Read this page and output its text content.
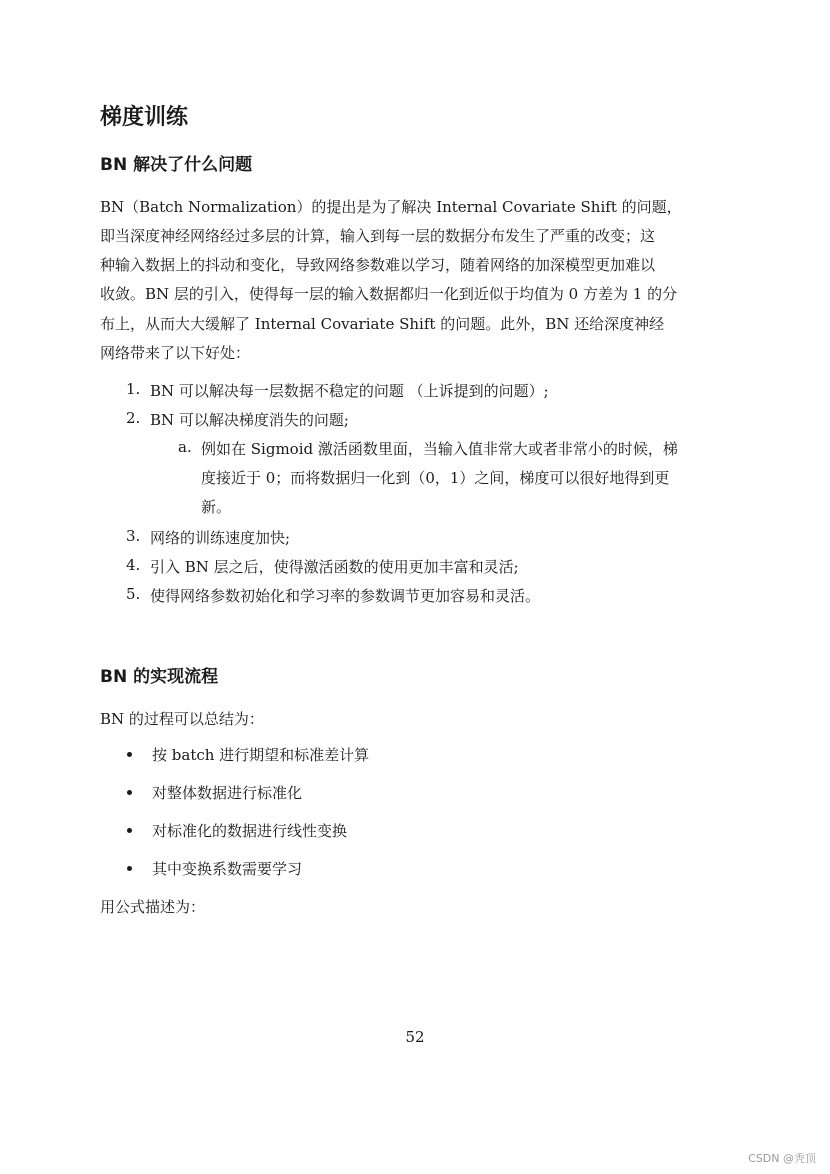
梯度训练
BN 解决了什么问题
BN（Batch Normalization）的提出是为了解决 Internal Covariate Shift 的问题，
即当深度神经网络经过多层的计算，输入到每一层的数据分布发生了严重的改变；这
种输入数据上的抖动和变化，导致网络参数难以学习，随着网络的加深模型更加难以
收敛。BN 层的引入，使得每一层的输入数据都归一化到近似于均值为 0 方差为 1 的分
布上，从而大大缓解了 Internal Covariate Shift 的问题。此外，BN 还给深度神经
网络带来了以下好处：
1. BN 可以解决每一层数据不稳定的问题 （上诉提到的问题）;
2. BN 可以解决梯度消失的问题;
a. 例如在 Sigmoid 激活函数里面，当输入值非常大或者非常小的时候，梯
度接近于 0；而将数据归一化到（0，1）之间，梯度可以很好地得到更
新。
3. 网络的训练速度加快;
4. 引入 BN 层之后，使得激活函数的使用更加丰富和灵活;
5. 使得网络参数初始化和学习率的参数调节更加容易和灵活。
BN 的实现流程
BN 的过程可以总结为：
按 batch 进行期望和标准差计算
对整体数据进行标准化
对标准化的数据进行线性变换
其中变换系数需要学习
用公式描述为：
52
CSDN @秃顶
